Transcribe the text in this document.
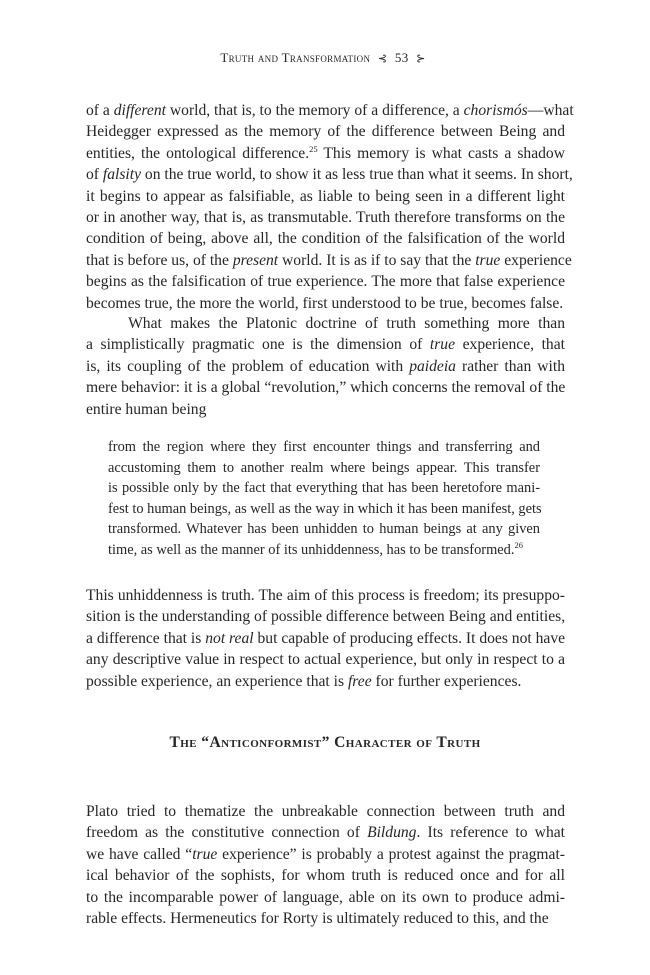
Truth and Transformation ⊰ 53 ⊱

of a different world, that is, to the memory of a difference, a chorismós—what

Heidegger expressed as the memory of the difference between Being and

entities, the ontological difference.$^{25}$ This memory is what casts a shadow

of falsity on the true world, to show it as less true than what it seems. In short,

it begins to appear as falsifiable, as liable to being seen in a different light

or in another way, that is, as transmutable. Truth therefore transforms on the

condition of being, above all, the condition of the falsification of the world

that is before us, of the present world. It is as if to say that the true experience

begins as the falsification of true experience. The more that false experience

becomes true, the more the world, first understood to be true, becomes false.

What makes the Platonic doctrine of truth something more than

a simplistically pragmatic one is the dimension of true experience, that

is, its coupling of the problem of education with paideia rather than with

mere behavior: it is a global “revolution,” which concerns the removal of the

entire human being

from the region where they first encounter things and transferring and

accustoming them to another realm where beings appear. This transfer

is possible only by the fact that everything that has been heretofore mani-

fest to human beings, as well as the way in which it has been manifest, gets

transformed. Whatever has been unhidden to human beings at any given

time, as well as the manner of its unhiddenness, has to be transformed.$^{26}$

This unhiddenness is truth. The aim of this process is freedom; its presuppo-

sition is the understanding of possible difference between Being and entities,

a difference that is not real but capable of producing effects. It does not have

any descriptive value in respect to actual experience, but only in respect to a

possible experience, an experience that is free for further experiences.

The “Anticonformist” Character of Truth

Plato tried to thematize the unbreakable connection between truth and

freedom as the constitutive connection of Bildung. Its reference to what

we have called “true experience” is probably a protest against the pragmat-

ical behavior of the sophists, for whom truth is reduced once and for all

to the incomparable power of language, able on its own to produce admi-

rable effects. Hermeneutics for Rorty is ultimately reduced to this, and the
